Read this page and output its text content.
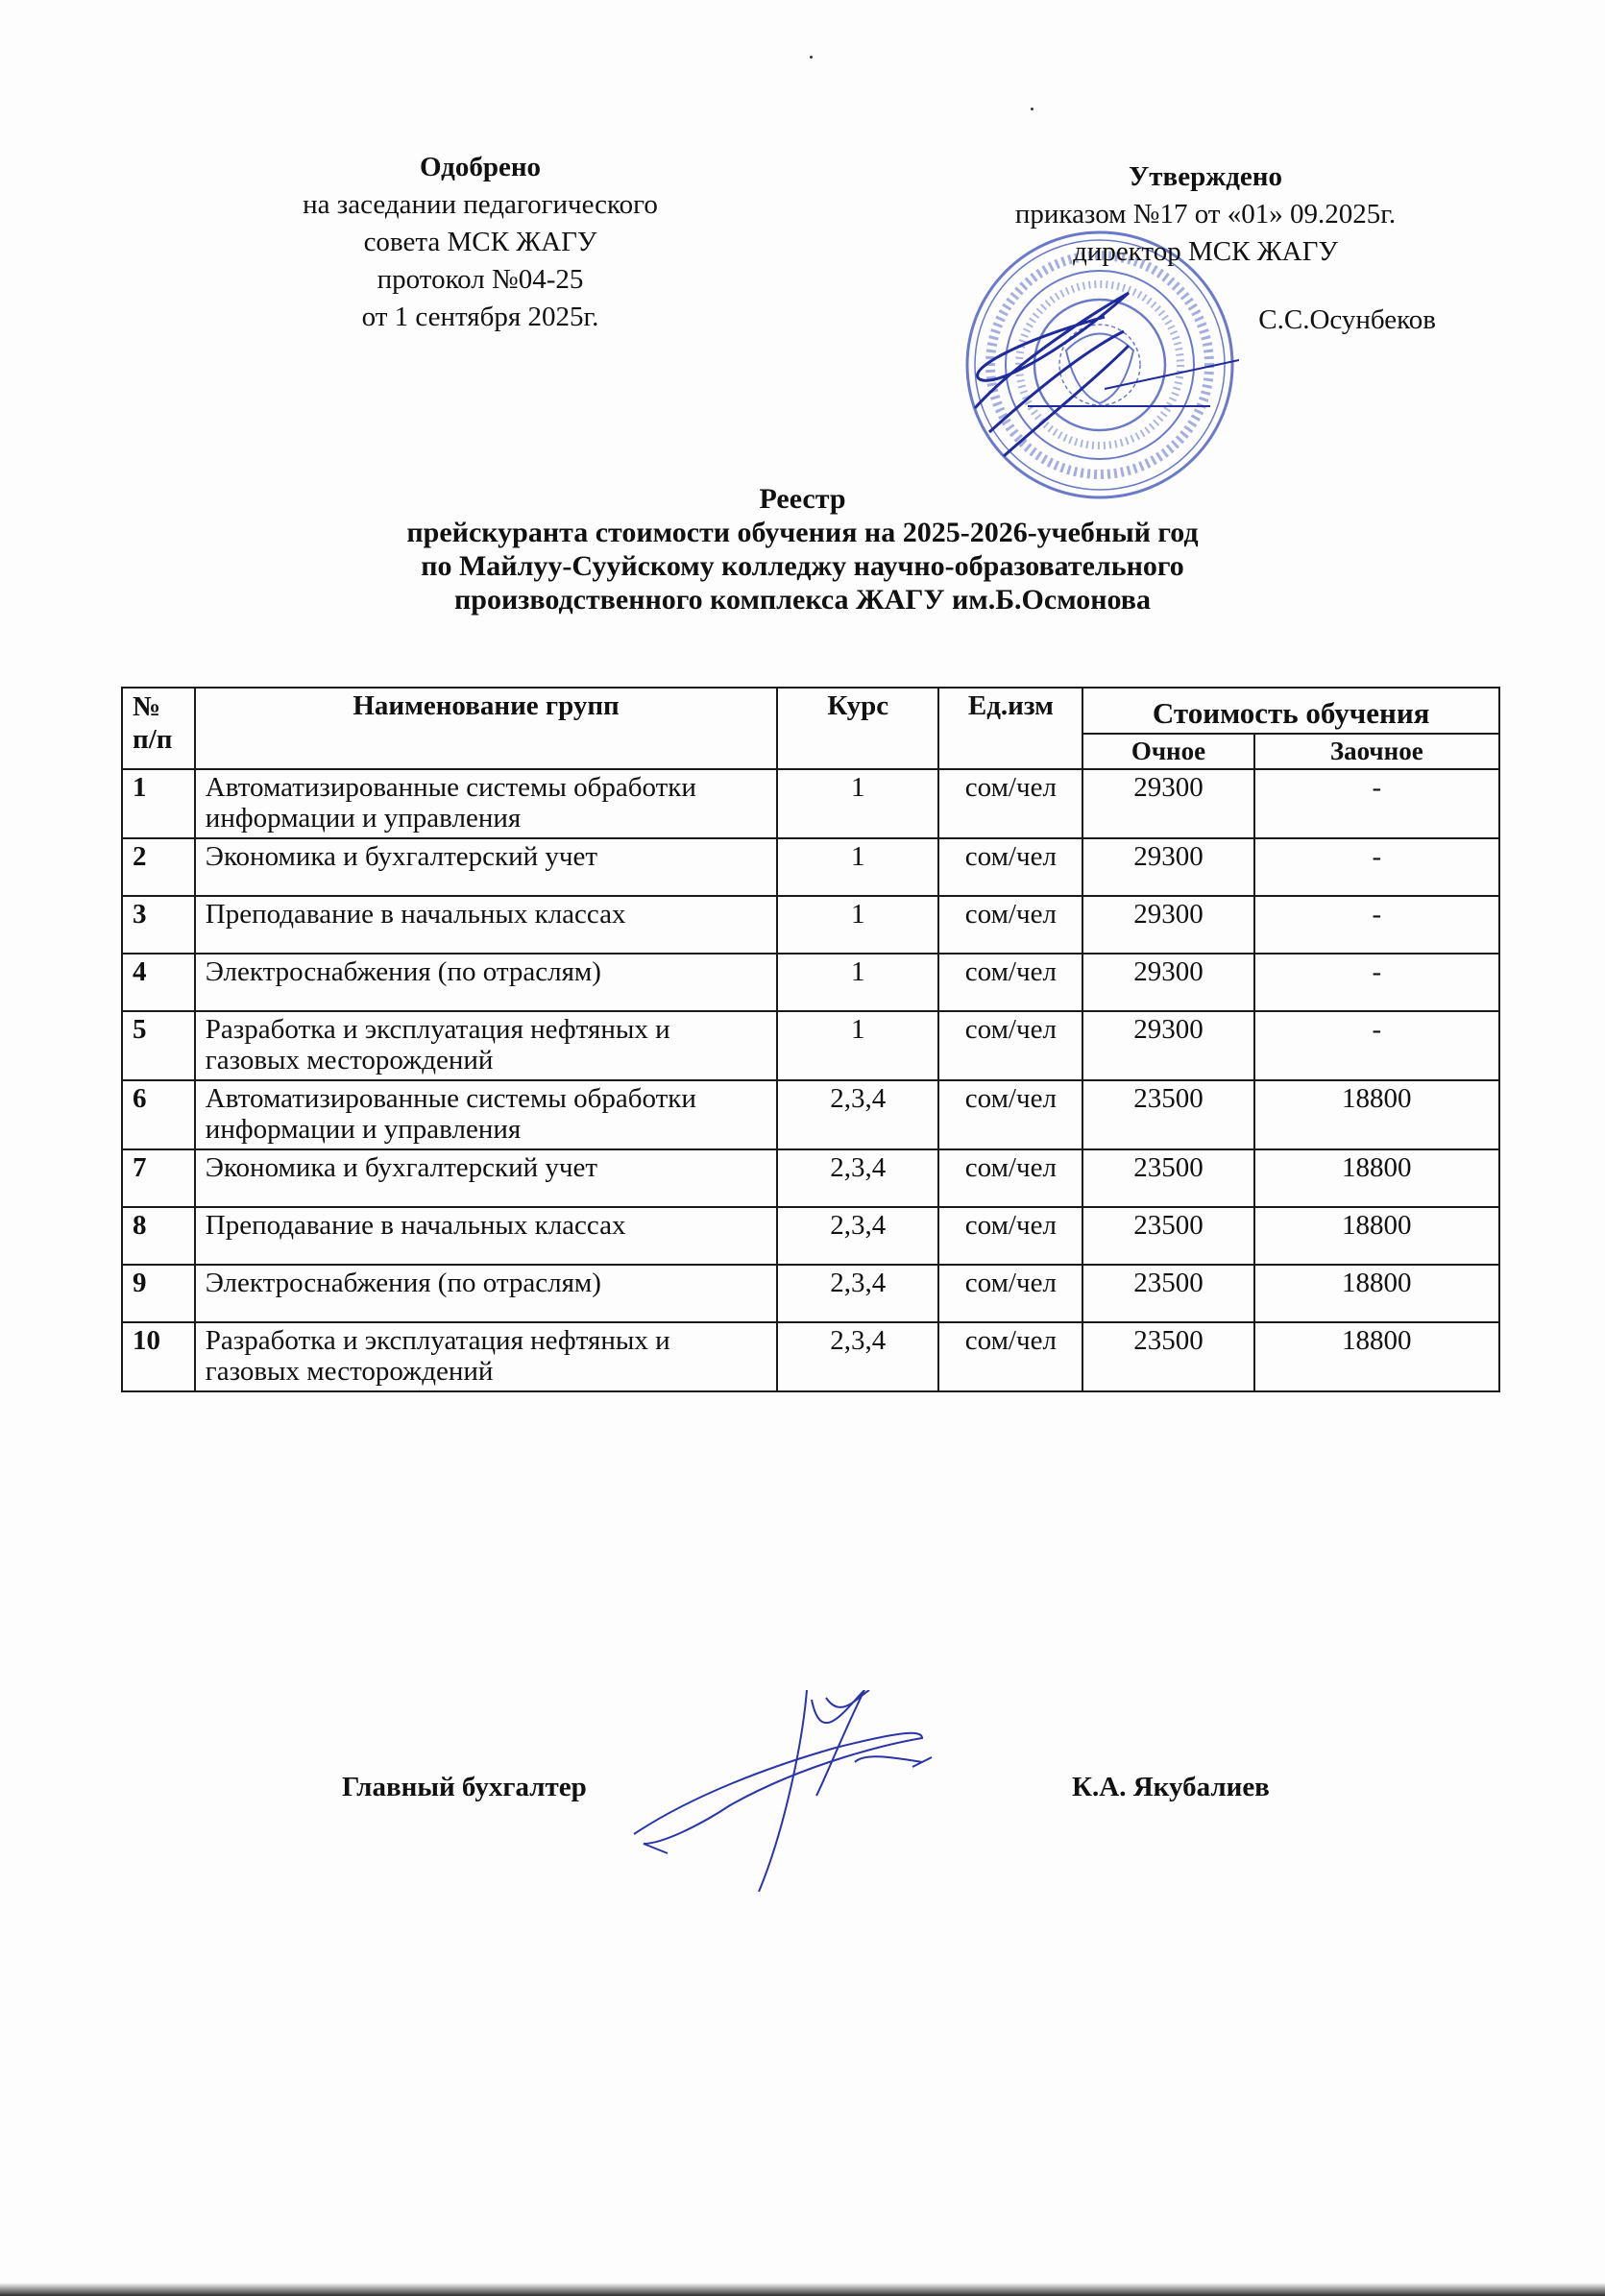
Одобрено
на заседании педагогического
совета МСК ЖАГУ
протокол №04-25
от 1 сентября 2025г.
Утверждено
приказом №17 от «01» 09.2025г.
директор МСК ЖАГУ
С.С.Осунбеков
Реестр
прейскуранта стоимости обучения на 2025-2026-учебный год
по Майлуу-Сууйскому колледжу научно-образовательного
производственного комплекса ЖАГУ им.Б.Осмонова
№ п/п	Наименование групп	Курс	Ед.изм	Стоимость обучения	
				Очное	Заочное
1	Автоматизированные системы обработки информации и управления	1	сом/чел	29300	-
2	Экономика и бухгалтерский учет	1	сом/чел	29300	-
3	Преподавание в начальных классах	1	сом/чел	29300	-
4	Электроснабжения (по отраслям)	1	сом/чел	29300	-
5	Разработка и эксплуатация нефтяных и газовых месторождений	1	сом/чел	29300	-
6	Автоматизированные системы обработки информации и управления	2,3,4	сом/чел	23500	18800
7	Экономика и бухгалтерский учет	2,3,4	сом/чел	23500	18800
8	Преподавание в начальных классах	2,3,4	сом/чел	23500	18800
9	Электроснабжения (по отраслям)	2,3,4	сом/чел	23500	18800
10	Разработка и эксплуатация нефтяных и газовых месторождений	2,3,4	сом/чел	23500	18800
Главный бухгалтер	К.А. Якубалиев
